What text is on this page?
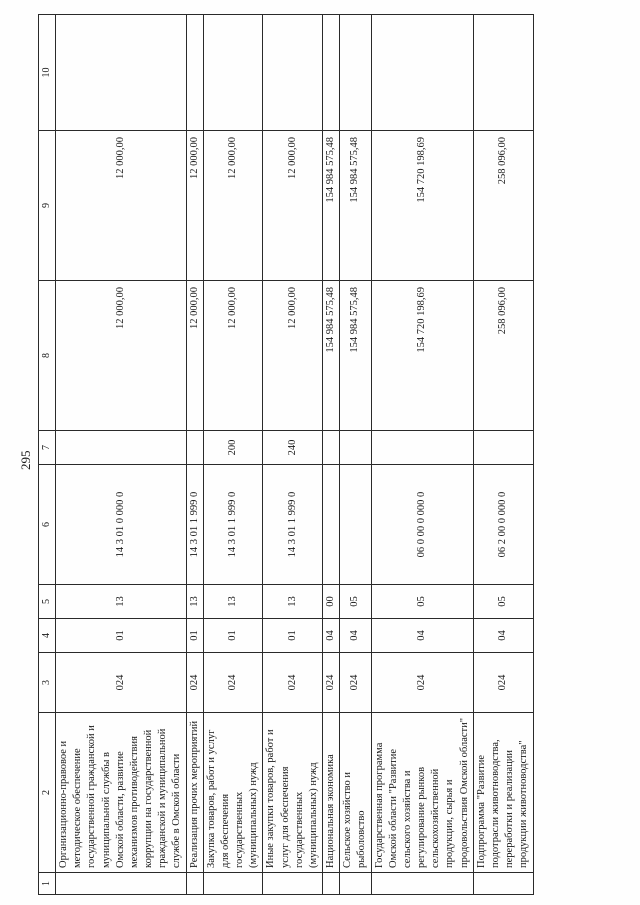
295
1	2	3	4	5	6	7	8	9	10
	Организационно-правовое и методическое обеспечение государственной гражданской и муниципальной службы в Омской области, развитие механизмов противодействия коррупции на государственной гражданской и муниципальной службе в Омской области	024	01	13	14 3 01 0 000 0		12 000,00	12 000,00	
	Реализация прочих мероприятий	024	01	13	14 3 01 1 999 0		12 000,00	12 000,00	
	Закупка товаров, работ и услуг для обеспечения государственных (муниципальных) нужд	024	01	13	14 3 01 1 999 0	200	12 000,00	12 000,00	
	Иные закупки товаров, работ и услуг для обеспечения государственных (муниципальных) нужд	024	01	13	14 3 01 1 999 0	240	12 000,00	12 000,00	
	Национальная экономика	024	04	00			154 984 575,48	154 984 575,48	
	Сельское хозяйство и рыболовство	024	04	05			154 984 575,48	154 984 575,48	
	Государственная программа Омской области "Развитие сельского хозяйства и регулирование рынков сельскохозяйственной продукции, сырья и продовольствия Омской области"	024	04	05	06 0 00 0 000 0		154 720 198,69	154 720 198,69	
	Подпрограмма "Развитие подотрасли животноводства, переработки и реализации продукции животноводства"	024	04	05	06 2 00 0 000 0		258 096,00	258 096,00	
